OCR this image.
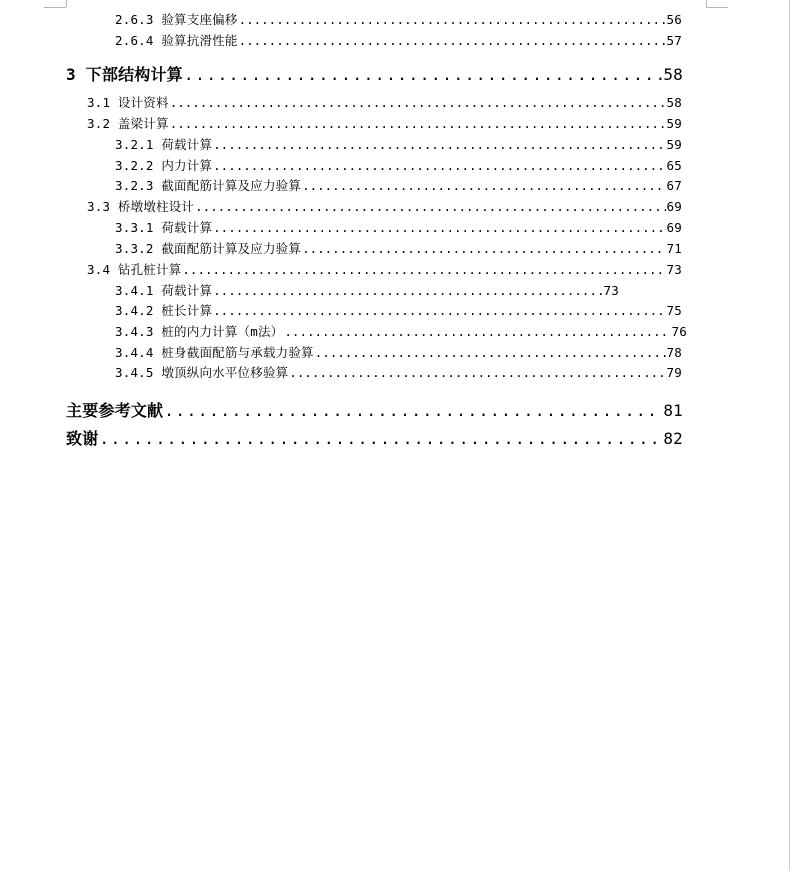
2.6.3 验算支座偏移 .....	56
2.6.4 验算抗滑性能 .....	57
3 下部结构计算 .....	58
3.1 设计资料 .....	58
3.2 盖梁计算 .....	59
3.2.1 荷载计算 .....	59
3.2.2 内力计算 .....	65
3.2.3 截面配筋计算及应力验算 .....	67
3.3 桥墩墩柱设计 .....	69
3.3.1 荷载计算 .....	69
3.3.2 截面配筋计算及应力验算 .....	71
3.4 钻孔桩计算 .....	73
3.4.1 荷载计算 .....	73
3.4.2 桩长计算 .....	75
3.4.3 桩的内力计算（m法） .....	76
3.4.4 桩身截面配筋与承载力验算 .....	78
3.4.5 墩顶纵向水平位移验算 .....	79
主要参考文献 .....	81
致谢 .....	82
